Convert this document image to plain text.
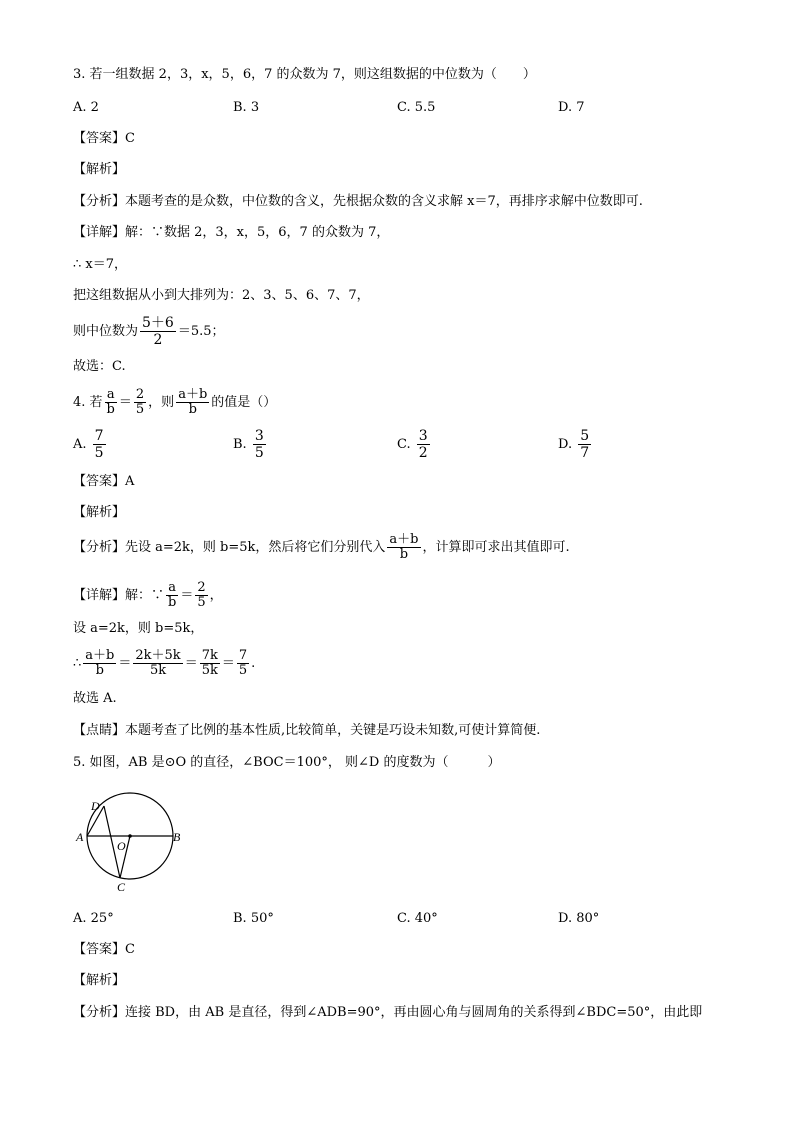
3. 若一组数据 2，3，x，5，6，7 的众数为 7，则这组数据的中位数为（　　）
A. 2	B. 3	C. 5.5	D. 7
【答案】C
【解析】
【分析】本题考查的是众数，中位数的含义，先根据众数的含义求解 x＝7，再排序求解中位数即可.
【详解】解：∵数据 2，3，x，5，6，7 的众数为 7，
∴ x＝7，
把这组数据从小到大排列为：2、3、5、6、7、7，
则中位数为 $\frac{5+6}{2} =5.5$；
故选：C.
4. 若 $\frac{a}{b} = \frac{2}{5}$ ，则 $\frac{a+b}{b}$ 的值是（）
A. $\frac{7}{5}$	B. $\frac{3}{5}$	C. $\frac{3}{2}$	D. $\frac{5}{7}$
【答案】A
【解析】
【分析】先设 a=2k，则 b=5k，然后将它们分别代入 $\frac{a+b}{b}$ ，计算即可求出其值即可.
【详解】解：∵ $\frac{a}{b} = \frac{2}{5}$ ，
设 a=2k，则 b=5k，
∴ $\frac{a+b}{b} = \frac{2k+5k}{5k} = \frac{7k}{5k} = \frac{7}{5}$ .
故选 A.
【点睛】本题考查了比例的基本性质,比较简单，关键是巧设未知数,可使计算简便.
5. 如图，AB 是⊙O 的直径，∠BOC＝100°， 则∠D 的度数为（　　　）
D
A	B
O
C
A. 25°	B. 50°	C. 40°	D. 80°
【答案】C
【解析】
【分析】连接 BD，由 AB 是直径，得到∠ADB=90°，再由圆心角与圆周角的关系得到∠BDC=50°，由此即
